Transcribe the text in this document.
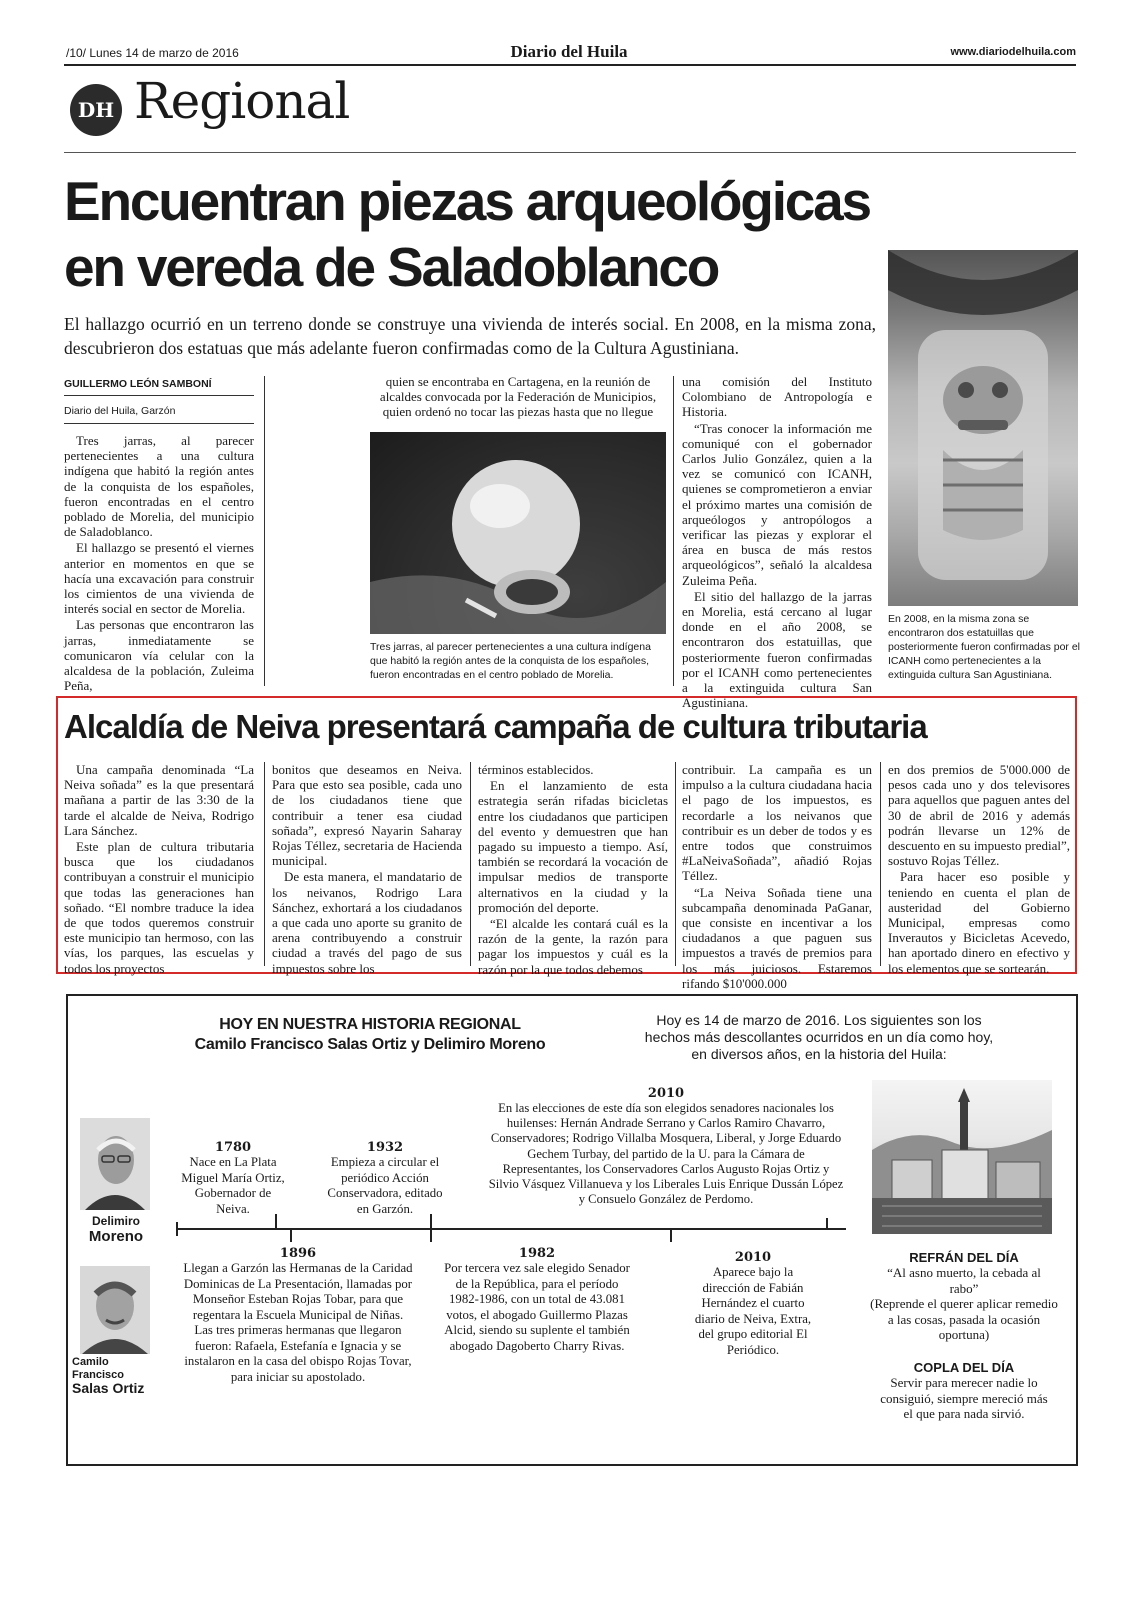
/10/ Lunes 14 de marzo de 2016	Diario del Huila	www.diariodelhuila.com
DH Regional
Encuentran piezas arqueológicas
en vereda de Saladoblanco
El hallazgo ocurrió en un terreno donde se construye una vivienda de interés social. En 2008, en la misma zona, descubrieron dos estatuas que más adelante fueron confirmadas como de la Cultura Agustiniana.
En 2008, en la misma zona se encontraron dos estatuillas que posteriormente fueron confirmadas por el ICANH como pertenecientes a la extinguida cultura San Agustiniana.
GUILLERMO LEÓN SAMBONÍ
Diario del Huila, Garzón

Tres jarras, al parecer pertenecientes a una cultura indígena que habitó la región antes de la conquista de los españoles, fueron encontradas en el centro poblado de Morelia, del municipio de Saladoblanco.

El hallazgo se presentó el viernes anterior en momentos en que se hacía una excavación para construir los cimientos de una vivienda de interés social en sector de Morelia.

Las personas que encontraron las jarras, inmediatamente se comunicaron vía celular con la alcaldesa de la población, Zuleima Peña,

quien se encontraba en Cartagena, en la reunión de alcaldes convocada por la Federación de Municipios, quien ordenó no tocar las piezas hasta que no llegue

Tres jarras, al parecer pertenecientes a una cultura indígena que habitó la región antes de la conquista de los españoles, fueron encontradas en el centro poblado de Morelia.

una comisión del Instituto Colombiano de Antropología e Historia.

“Tras conocer la información me comuniqué con el gobernador Carlos Julio González, quien a la vez se comunicó con ICANH, quienes se comprometieron a enviar el próximo martes una comisión de arqueólogos y antropólogos a verificar las piezas y explorar el área en busca de más restos arqueológicos”, señaló la alcaldesa Zuleima Peña.

El sitio del hallazgo de la jarras en Morelia, está cercano al lugar donde en el año 2008, se encontraron dos estatuillas, que posteriormente fueron confirmadas por el ICANH como pertenecientes a la extinguida cultura San Agustiniana.

Alcaldía de Neiva presentará campaña de cultura tributaria

Una campaña denominada “La Neiva soñada” es la que presentará mañana a partir de las 3:30 de la tarde el alcalde de Neiva, Rodrigo Lara Sánchez.

Este plan de cultura tributaria busca que los ciudadanos contribuyan a construir el municipio que todas las generaciones han soñado. “El nombre traduce la idea de que todos queremos construir este municipio tan hermoso, con las vías, los parques, las escuelas y todos los proyectos

bonitos que deseamos en Neiva. Para que esto sea posible, cada uno de los ciudadanos tiene que contribuir a tener esa ciudad soñada”, expresó Nayarin Saharay Rojas Téllez, secretaria de Hacienda municipal.

De esta manera, el mandatario de los neivanos, Rodrigo Lara Sánchez, exhortará a los ciudadanos a que cada uno aporte su granito de arena contribuyendo a construir ciudad a través del pago de sus impuestos sobre los

términos establecidos.

En el lanzamiento de esta estrategia serán rifadas bicicletas entre los ciudadanos que participen del evento y demuestren que han pagado su impuesto a tiempo. Así, también se recordará la vocación de impulsar medios de transporte alternativos en la ciudad y la promoción del deporte.

“El alcalde les contará cuál es la razón de la gente, la razón para pagar los impuestos y cuál es la razón por la que todos debemos

contribuir. La campaña es un impulso a la cultura ciudadana hacia el pago de los impuestos, es recordarle a los neivanos que contribuir es un deber de todos y es entre todos que construimos #LaNeivaSoñada”, añadió Rojas Téllez.

“La Neiva Soñada tiene una subcampaña denominada PaGanar, que consiste en incentivar a los ciudadanos a que paguen sus impuestos a través de premios para los más juiciosos. Estaremos rifando $10'000.000

en dos premios de 5'000.000 de pesos cada uno y dos televisores para aquellos que paguen antes del 30 de abril de 2016 y además podrán llevarse un 12% de descuento en su impuesto predial”, sostuvo Rojas Téllez.

Para hacer eso posible y teniendo en cuenta el plan de austeridad del Gobierno Municipal, empresas como Inverautos y Bicicletas Acevedo, han aportado dinero en efectivo y los elementos que se sortearán.

HOY EN NUESTRA HISTORIA REGIONAL
Camilo Francisco Salas Ortiz y Delimiro Moreno
Hoy es 14 de marzo de 2016. Los siguientes son los hechos más descollantes ocurridos en un día como hoy, en diversos años, en la historia del Huila:
Delimiro
Moreno
Camilo
Francisco
Salas Ortiz
1780
Nace en La Plata Miguel María Ortiz, Gobernador de Neiva.
1932
Empieza a circular el periódico Acción Conservadora, editado en Garzón.
2010
En las elecciones de este día son elegidos senadores nacionales los huilenses: Hernán Andrade Serrano y Carlos Ramiro Chavarro, Conservadores; Rodrigo Villalba Mosquera, Liberal, y Jorge Eduardo Gechem Turbay, del partido de la U. para la Cámara de Representantes, los Conservadores Carlos Augusto Rojas Ortiz y Silvio Vásquez Villanueva y los Liberales Luis Enrique Dussán López y Consuelo González de Perdomo.
1896
Llegan a Garzón las Hermanas de la Caridad Dominicas de La Presentación, llamadas por Monseñor Esteban Rojas Tobar, para que regentara la Escuela Municipal de Niñas. Las tres primeras hermanas que llegaron fueron: Rafaela, Estefanía e Ignacia y se instalaron en la casa del obispo Rojas Tovar, para iniciar su apostolado.
1982
Por tercera vez sale elegido Senador de la República, para el período 1982-1986, con un total de 43.081 votos, el abogado Guillermo Plazas Alcid, siendo su suplente el también abogado Dagoberto Charry Rivas.
2010
Aparece bajo la dirección de Fabián Hernández el cuarto diario de Neiva, Extra, del grupo editorial El Periódico.
REFRÁN DEL DÍA
“Al asno muerto, la cebada al rabo”
(Reprende el querer aplicar remedio a las cosas, pasada la ocasión oportuna)
COPLA DEL DÍA
Servir para merecer nadie lo consiguió, siempre mereció más el que para nada sirvió.
